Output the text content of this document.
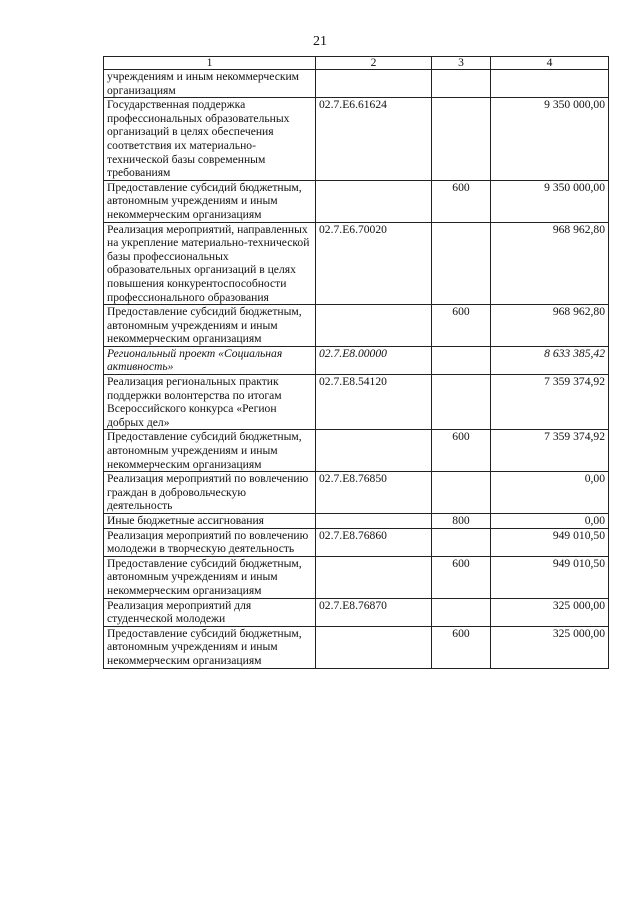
21
1	2	3	4
учреждениям и иным некоммерческим организациям			
Государственная поддержка профессиональных образовательных организаций в целях обеспечения соответствия их материально-технической базы современным требованиям	02.7.Е6.61624		9 350 000,00
Предоставление субсидий бюджетным, автономным учреждениям и иным некоммерческим организациям		600	9 350 000,00
Реализация мероприятий, направленных на укрепление материально-технической базы профессиональных образовательных организаций в целях повышения конкурентоспособности профессионального образования	02.7.Е6.70020		968 962,80
Предоставление субсидий бюджетным, автономным учреждениям и иным некоммерческим организациям		600	968 962,80
Региональный проект «Социальная активность»	02.7.Е8.00000		8 633 385,42
Реализация региональных практик поддержки волонтерства по итогам Всероссийского конкурса «Регион добрых дел»	02.7.Е8.54120		7 359 374,92
Предоставление субсидий бюджетным, автономным учреждениям и иным некоммерческим организациям		600	7 359 374,92
Реализация мероприятий по вовлечению граждан в добровольческую деятельность	02.7.Е8.76850		0,00
Иные бюджетные ассигнования		800	0,00
Реализация мероприятий по вовлечению молодежи в творческую деятельность	02.7.Е8.76860		949 010,50
Предоставление субсидий бюджетным, автономным учреждениям и иным некоммерческим организациям		600	949 010,50
Реализация мероприятий для студенческой молодежи	02.7.Е8.76870		325 000,00
Предоставление субсидий бюджетным, автономным учреждениям и иным некоммерческим организациям		600	325 000,00
